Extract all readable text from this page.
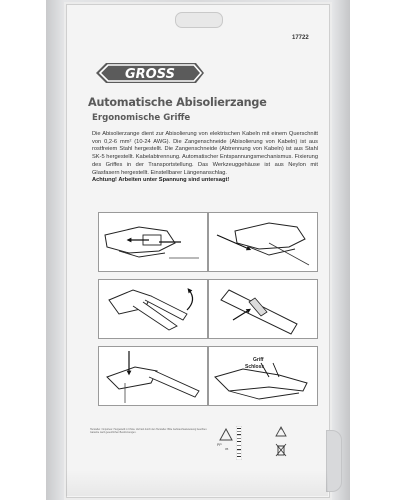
17722
GROSS
Automatische Abisolierzange
Ergonomische Griffe

Die Abisolierzange dient zur Abisolierung von elektrischen Kabeln mit einem Querschnitt von 0,2-6 mm² (10-24 AWG). Die Zangenschneide (Abisolierung von Kabeln) ist aus rostfreiem Stahl hergestellt. Die Zangenschneide (Abtrennung von Kabeln) ist aus Stahl SK-5 hergestellt. Kabelabtrennung. Automatischer Entspannungsmechanismus. Fixierung des Griffes in der Transportstellung. Das Werkzeuggehäuse ist aus Neylon mit Glasfasern hergestellt. Einstellbarer Längenanschlag.

Achtung! Arbeiten unter Spannung sind untersagt!

Griff
Schloss
Hersteller / Importeur. Hergestellt in China. Vertrieb durch den Hersteller. Bitte Gebrauchsanweisung beachten. Garantie nach gesetzlichen Bestimmungen.
05
PP
